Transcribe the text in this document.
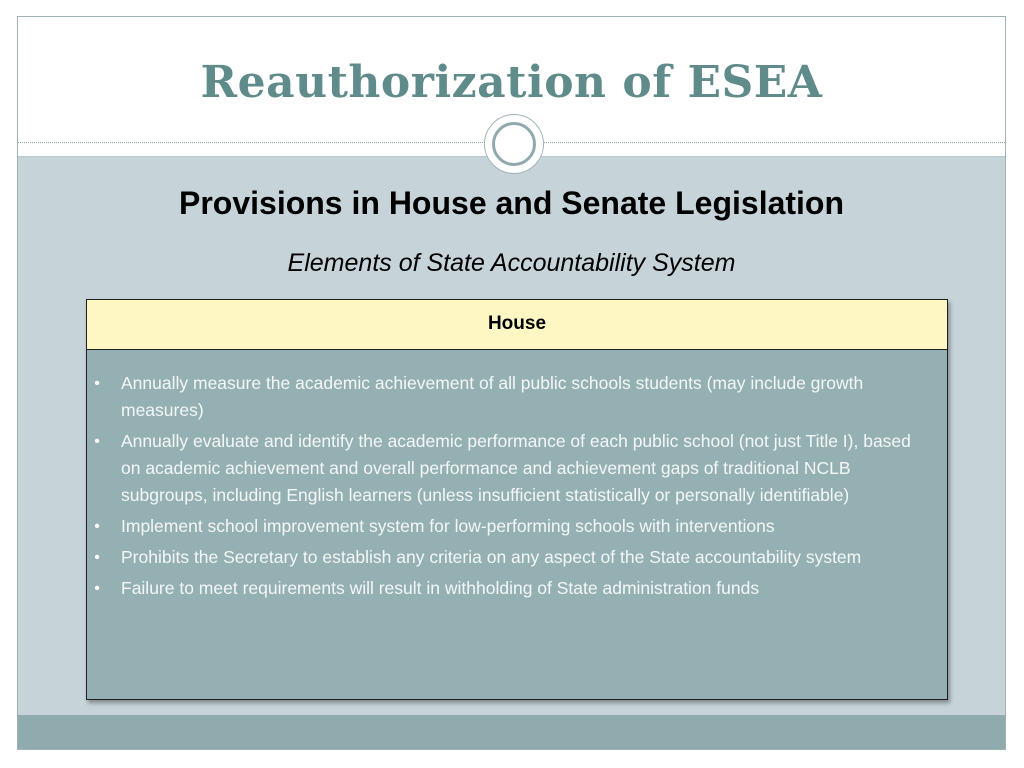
Reauthorization of ESEA
Provisions in House and Senate Legislation
Elements of State Accountability System
House
• Annually measure the academic achievement of all public schools students (may include growth measures)
• Annually evaluate and identify the academic performance of each public school (not just Title I), based on academic achievement and overall performance and achievement gaps of traditional NCLB subgroups, including English learners (unless insufficient statistically or personally identifiable)
• Implement school improvement system for low-performing schools with interventions
• Prohibits the Secretary to establish any criteria on any aspect of the State accountability system
• Failure to meet requirements will result in withholding of State administration funds
